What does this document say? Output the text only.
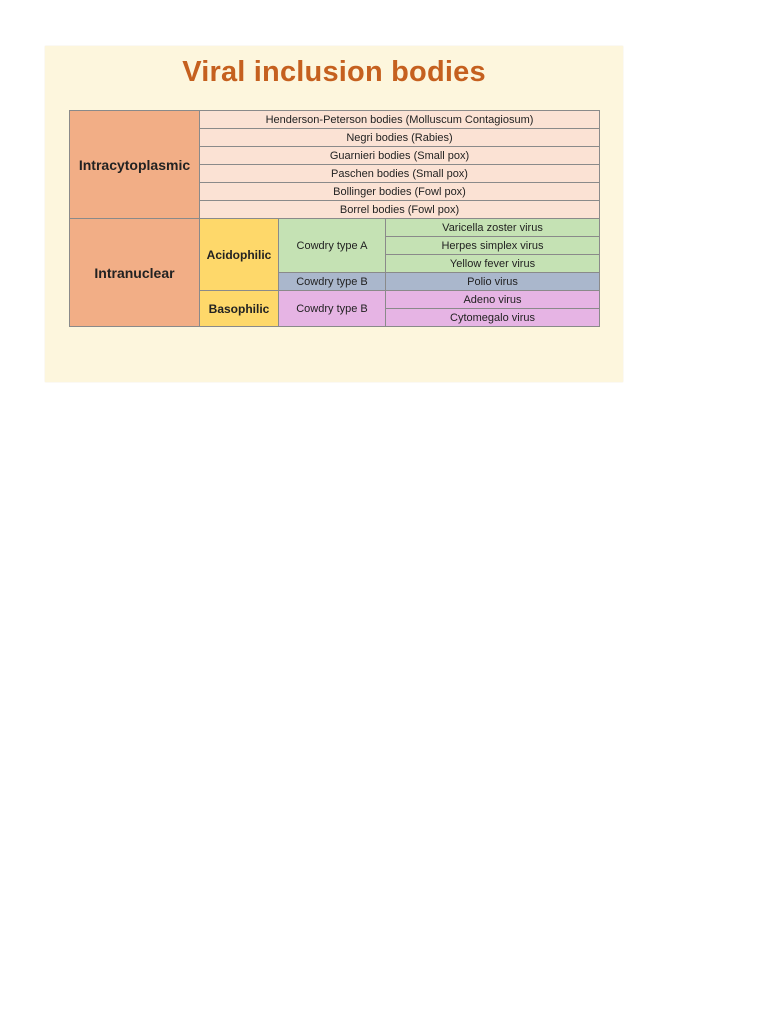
Viral inclusion bodies
Intracytoplasmic	Henderson-Peterson bodies (Molluscum Contagiosum)		
	Negri bodies (Rabies)		
	Guarnieri bodies (Small pox)		
	Paschen bodies (Small pox)		
	Bollinger bodies (Fowl pox)		
	Borrel bodies (Fowl pox)		
Intranuclear	Acidophilic	Cowdry type A	Varicella zoster virus
			Herpes simplex virus
			Yellow fever virus
		Cowdry type B	Polio virus
	Basophilic	Cowdry type B	Adeno virus
			Cytomegalo virus
